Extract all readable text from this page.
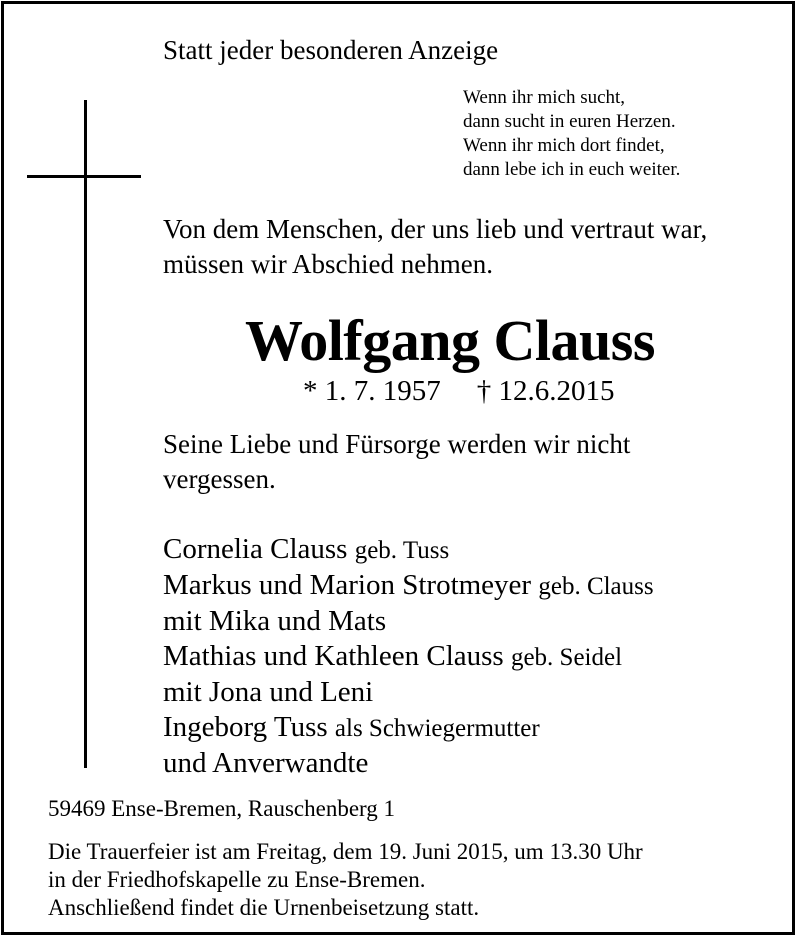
Statt jeder besonderen Anzeige
Wenn ihr mich sucht,
dann sucht in euren Herzen.
Wenn ihr mich dort findet,
dann lebe ich in euch weiter.
Von dem Menschen, der uns lieb und vertraut war,
müssen wir Abschied nehmen.
Wolfgang Clauss
* 1. 7. 1957 † 12.6.2015
Seine Liebe und Fürsorge werden wir nicht
vergessen.
Cornelia Clauss geb. Tuss
Markus und Marion Strotmeyer geb. Clauss
mit Mika und Mats
Mathias und Kathleen Clauss geb. Seidel
mit Jona und Leni
Ingeborg Tuss als Schwiegermutter
und Anverwandte
59469 Ense-Bremen, Rauschenberg 1
Die Trauerfeier ist am Freitag, dem 19. Juni 2015, um 13.30 Uhr
in der Friedhofskapelle zu Ense-Bremen.
Anschließend findet die Urnenbeisetzung statt.
